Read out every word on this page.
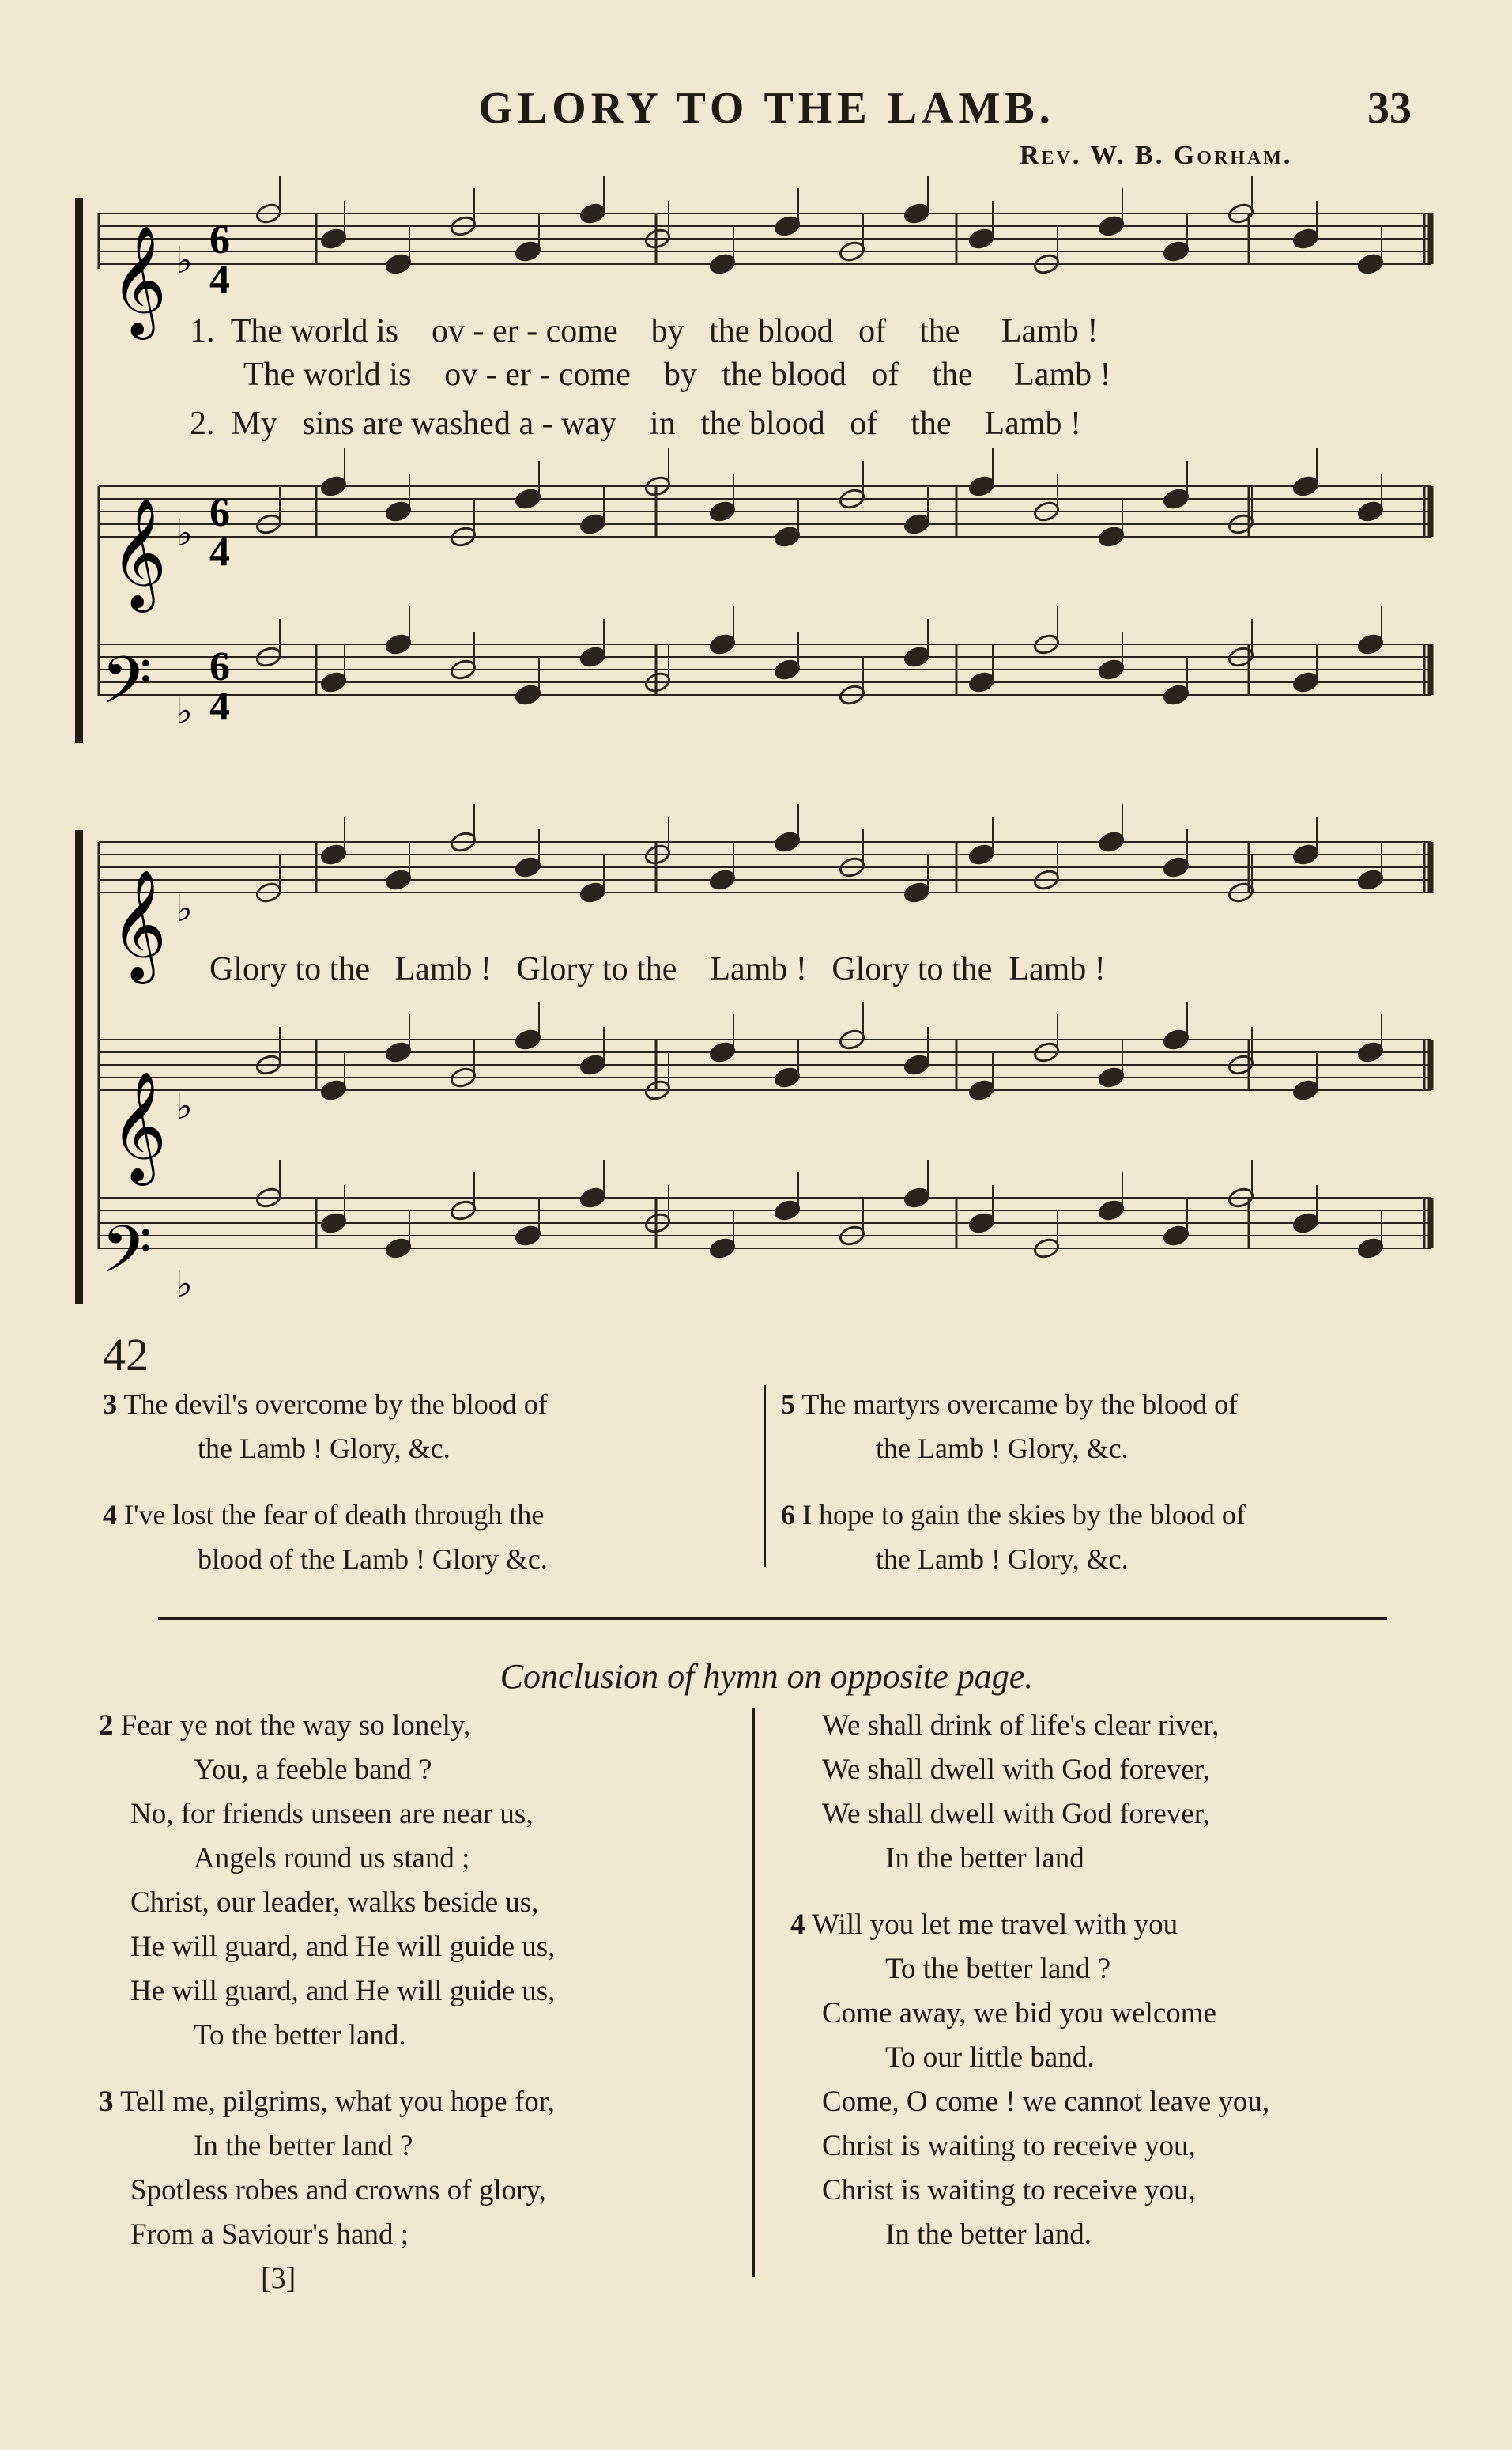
GLORY TO THE LAMB.	33
Rev. W. B. Gorham.
𝄞
𝄞
𝄢
𝄞
𝄞
𝄢
♭
♭
♭
♭
♭
♭
6
4
6
4
6
4
1. The world is ov - er - come by the blood of the Lamb !
The world is ov - er - come by the blood of the Lamb !
2. My sins are washed a - way in the blood of the Lamb !
Glory to the Lamb ! Glory to the Lamb ! Glory to the Lamb !
42
3 The devil's overcome by the blood of
the Lamb ! Glory, &c.
4 I've lost the fear of death through the
blood of the Lamb ! Glory &c.
5 The martyrs overcame by the blood of
the Lamb ! Glory, &c.
6 I hope to gain the skies by the blood of
the Lamb ! Glory, &c.
Conclusion of hymn on opposite page.
2 Fear ye not the way so lonely,
You, a feeble band ?
No, for friends unseen are near us,
Angels round us stand ;
Christ, our leader, walks beside us,
He will guard, and He will guide us,
He will guard, and He will guide us,
To the better land.
3 Tell me, pilgrims, what you hope for,
In the better land ?
Spotless robes and crowns of glory,
From a Saviour's hand ;
We shall drink of life's clear river,
We shall dwell with God forever,
We shall dwell with God forever,
In the better land
4 Will you let me travel with you
To the better land ?
Come away, we bid you welcome
To our little band.
Come, O come ! we cannot leave you,
Christ is waiting to receive you,
Christ is waiting to receive you,
In the better land.
[3]
